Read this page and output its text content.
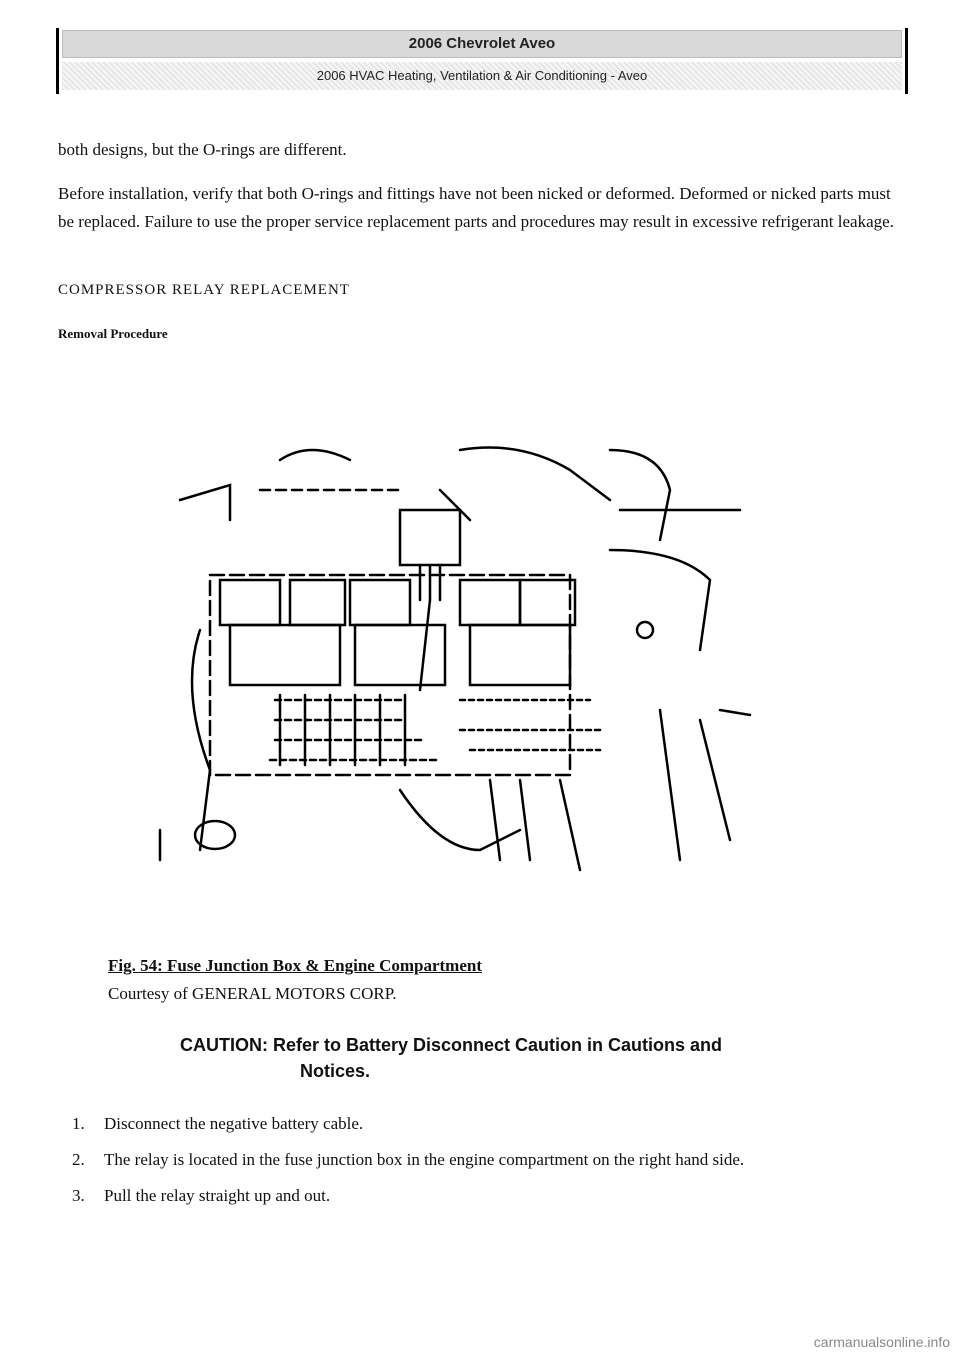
2006 Chevrolet Aveo
2006 HVAC Heating, Ventilation & Air Conditioning - Aveo
both designs, but the O-rings are different.
Before installation, verify that both O-rings and fittings have not been nicked or deformed. Deformed or nicked parts must be replaced. Failure to use the proper service replacement parts and procedures may result in excessive refrigerant leakage.
COMPRESSOR RELAY REPLACEMENT
Removal Procedure
Fig. 54: Fuse Junction Box & Engine Compartment
Courtesy of GENERAL MOTORS CORP.
CAUTION: Refer to Battery Disconnect Caution in Cautions and
Notices.
1.	Disconnect the negative battery cable.
2.	The relay is located in the fuse junction box in the engine compartment on the right hand side.
3.	Pull the relay straight up and out.
carmanualsonline.info
